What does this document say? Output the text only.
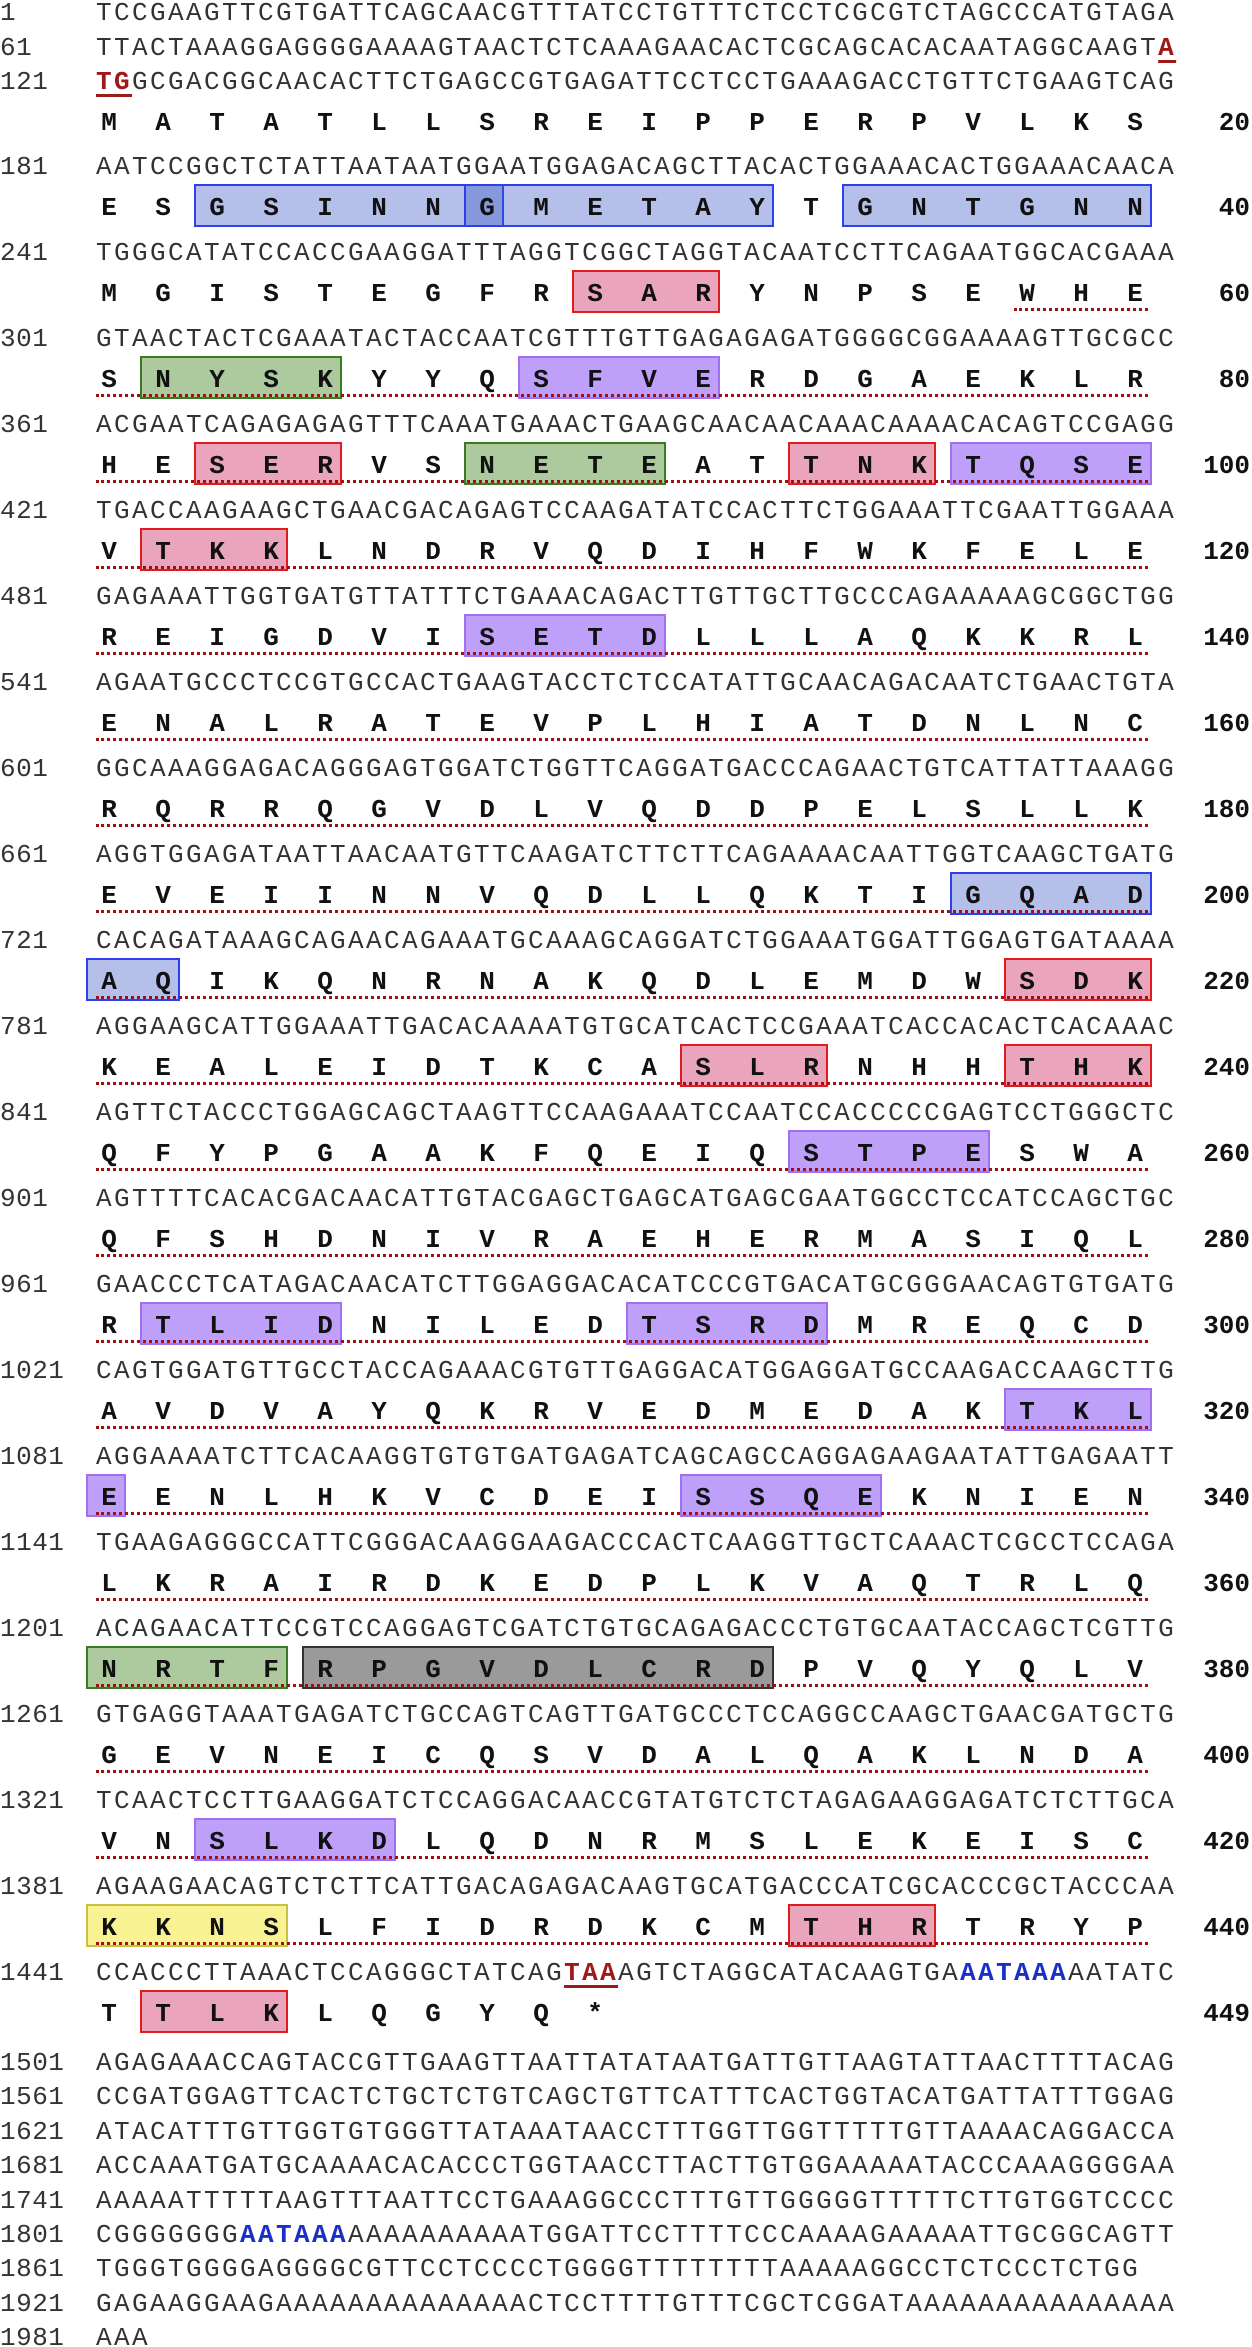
1	TCCGAAGTTCGTGATTCAGCAACGTTTATCCTGTTTCTCCTCGCGTCTAGCCCATGTAGA
61 TTACTAAAGGAGGGGAAAAGTAACTCTCAAAGAACACTCGCAGCACACAATAGGCAAGTA
121 TGGCGACGGCAACACTTCTGAGCCGTGAGATTCCTCCTGAAAGACCTGTTCTGAAGTCAG
M A T A T L L S R E I P P E R P V L K S	20
181 AATCCGGCTCTATTAATAATGGAATGGAGACAGCTTACACTGGAAACACTGGAAACAACA
E S G S I N N G M E T A Y T G N T G N N	40
241 TGGGCATATCCACCGAAGGATTTAGGTCGGCTAGGTACAATCCTTCAGAATGGCACGAAA
M G I S T E G F R S A R Y N P S E W H E	60
301 GTAACTACTCGAAATACTACCAATCGTTTGTTGAGAGAGATGGGGCGGAAAAGTTGCGCC
S N Y S K Y Y Q S F V E R D G A E K L R	80
361 ACGAATCAGAGAGAGTTTCAAATGAAACTGAAGCAACAACAAACAAAACACAGTCCGAGG
H E S E R V S N E T E A T T N K T Q S E 100
421 TGACCAAGAAGCTGAACGACAGAGTCCAAGATATCCACTTCTGGAAATTCGAATTGGAAA
V T K K L N D R V Q D I H F W K F E L E 120
481 GAGAAATTGGTGATGTTATTTCTGAAACAGACTTGTTGCTTGCCCAGAAAAAGCGGCTGG
R E I G D V I S E T D L L L A Q K K R L 140
541 AGAATGCCCTCCGTGCCACTGAAGTACCTCTCCATATTGCAACAGACAATCTGAACTGTA
E N A L R A T E V P L H I A T D N L N C 160
601 GGCAAAGGAGACAGGGAGTGGATCTGGTTCAGGATGACCCAGAACTGTCATTATTAAAGG
R Q R R Q G V D L V Q D D P E L S L L K 180
661 AGGTGGAGATAATTAACAATGTTCAAGATCTTCTTCAGAAAACAATTGGTCAAGCTGATG
E V E I I N N V Q D L L Q K T I G Q A D 200
721 CACAGATAAAGCAGAACAGAAATGCAAAGCAGGATCTGGAAATGGATTGGAGTGATAAAA
A Q I K Q N R N A K Q D L E M D W S D K 220
781 AGGAAGCATTGGAAATTGACACAAAATGTGCATCACTCCGAAATCACCACACTCACAAAC
K E A L E I D T K C A S L R N H H T H K 240
841 AGTTCTACCCTGGAGCAGCTAAGTTCCAAGAAATCCAATCCACCCCCGAGTCCTGGGCTC
Q F Y P G A A K F Q E I Q S T P E S W A 260
901 AGTTTTCACACGACAACATTGTACGAGCTGAGCATGAGCGAATGGCCTCCATCCAGCTGC
Q F S H D N I V R A E H E R M A S I Q L 280
961 GAACCCTCATAGACAACATCTTGGAGGACACATCCCGTGACATGCGGGAACAGTGTGATG
R T L I D N I L E D T S R D M R E Q C D 300
1021 CAGTGGATGTTGCCTACCAGAAACGTGTTGAGGACATGGAGGATGCCAAGACCAAGCTTG
A V D V A Y Q K R V E D M E D A K T K L 320
1081 AGGAAAATCTTCACAAGGTGTGTGATGAGATCAGCAGCCAGGAGAAGAATATTGAGAATT
E E N L H K V C D E I S S Q E K N I E N 340
1141 TGAAGAGGGCCATTCGGGACAAGGAAGACCCACTCAAGGTTGCTCAAACTCGCCTCCAGA
L K R A I R D K E D P L K V A Q T R L Q 360
1201 ACAGAACATTCCGTCCAGGAGTCGATCTGTGCAGAGACCCTGTGCAATACCAGCTCGTTG
N R T F R P G V D L C R D P V Q Y Q L V 380
1261 GTGAGGTAAATGAGATCTGCCAGTCAGTTGATGCCCTCCAGGCCAAGCTGAACGATGCTG
G E V N E I C Q S V D A L Q A K L N D A 400
1321 TCAACTCCTTGAAGGATCTCCAGGACAACCGTATGTCTCTAGAGAAGGAGATCTCTTGCA
V N S L K D L Q D N R M S L E K E I S C 420
1381 AGAAGAACAGTCTCTTCATTGACAGAGACAAGTGCATGACCCATCGCACCCGCTACCCAA
K K N S L F I D R D K C M T H R T R Y P 440
1441 CCACCCTTAAACTCCAGGGCTATCAGTAAAGTCTAGGCATACAAGTGAAATAAAAATATC
T T L K L Q G Y Q *	449
1501 AGAGAAACCAGTACCGTTGAAGTTAATTATATAATGATTGTTAAGTATTAACTTTTACAG
1561 CCGATGGAGTTCACTCTGCTCTGTCAGCTGTTCATTTCACTGGTACATGATTATTTGGAG
1621 ATACATTTGTTGGTGTGGGTTATAAATAACCTTTGGTTGGTTTTTGTTAAAACAGGACCA
1681 ACCAAATGATGCAAAACACACCCTGGTAACCTTACTTGTGGAAAAATACCCAAAGGGGAA
1741 AAAAATTTTTAAGTTTAATTCCTGAAAGGCCCTTTGTTGGGGGTTTTTCTTGTGGTCCCC
1801 CGGGGGGGAATAAAAAAAAAAAAATGGATTCCTTTTCCCAAAAGAAAAATTGCGGCAGTT
1861 TGGGTGGGGAGGGGCGTTCCTCCCCTGGGGTTTTTTTTAAAAAGGCCTCTCCCTCTGG
1921 GAGAAGGAAGAAAAAAAAAAAAAACTCCTTTTGTTTCGCTCGGATAAAAAAAAAAAAAAA
1981 AAA
